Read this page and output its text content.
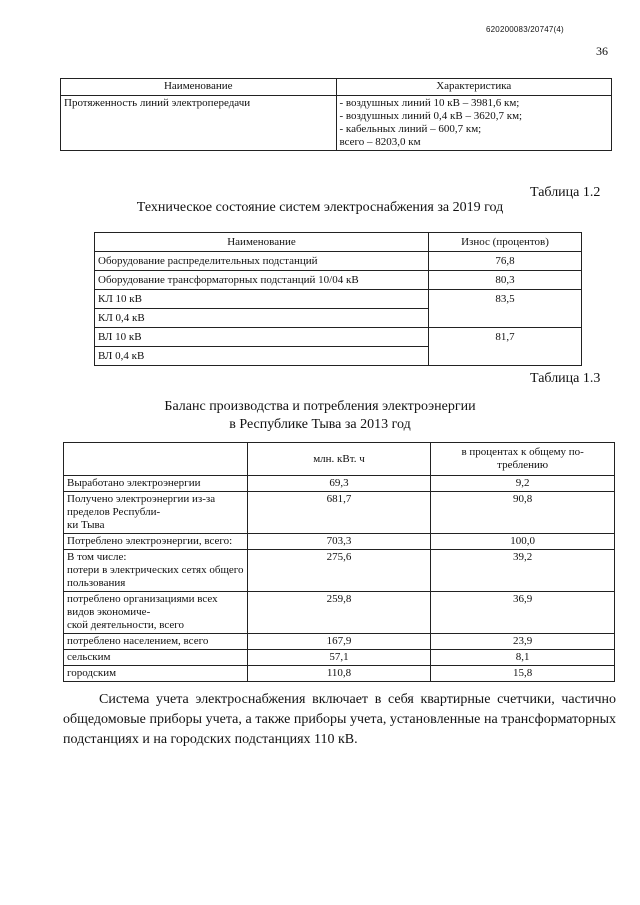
620200083/20747(4)
36
Наименование	Характеристика
Протяженность линий электропередачи	- воздушных линий 10 кВ – 3981,6 км;
- воздушных линий 0,4 кВ – 3620,7 км;
- кабельных линий – 600,7 км;
всего – 8203,0 км
Таблица 1.2
Техническое состояние систем электроснабжения за 2019 год
Наименование	Износ (процентов)
Оборудование распределительных подстанций	76,8
Оборудование трансформаторных подстанций 10/04 кВ	80,3
КЛ 10 кВ	83,5
КЛ 0,4 кВ	
ВЛ 10 кВ	81,7
ВЛ 0,4 кВ	
Таблица 1.3
Баланс производства и потребления электроэнергии
в Республике Тыва за 2013 год
	млн. кВт. ч	в процентах к общему по-
треблению
Выработано электроэнергии	69,3	9,2
Получено электроэнергии из-за пределов Республи-
ки Тыва	681,7	90,8
Потреблено электроэнергии, всего:	703,3	100,0
В том числе:
потери в электрических сетях общего пользования	275,6	39,2
потреблено организациями всех видов экономиче-
ской деятельности, всего	259,8	36,9
потреблено населением, всего	167,9	23,9
сельским	57,1	8,1
городским	110,8	15,8
Система учета электроснабжения включает в себя квартирные счетчики, частично общедомовые приборы учета, а также приборы учета, установленные на трансформаторных подстанциях и на городских подстанциях 110 кВ.
